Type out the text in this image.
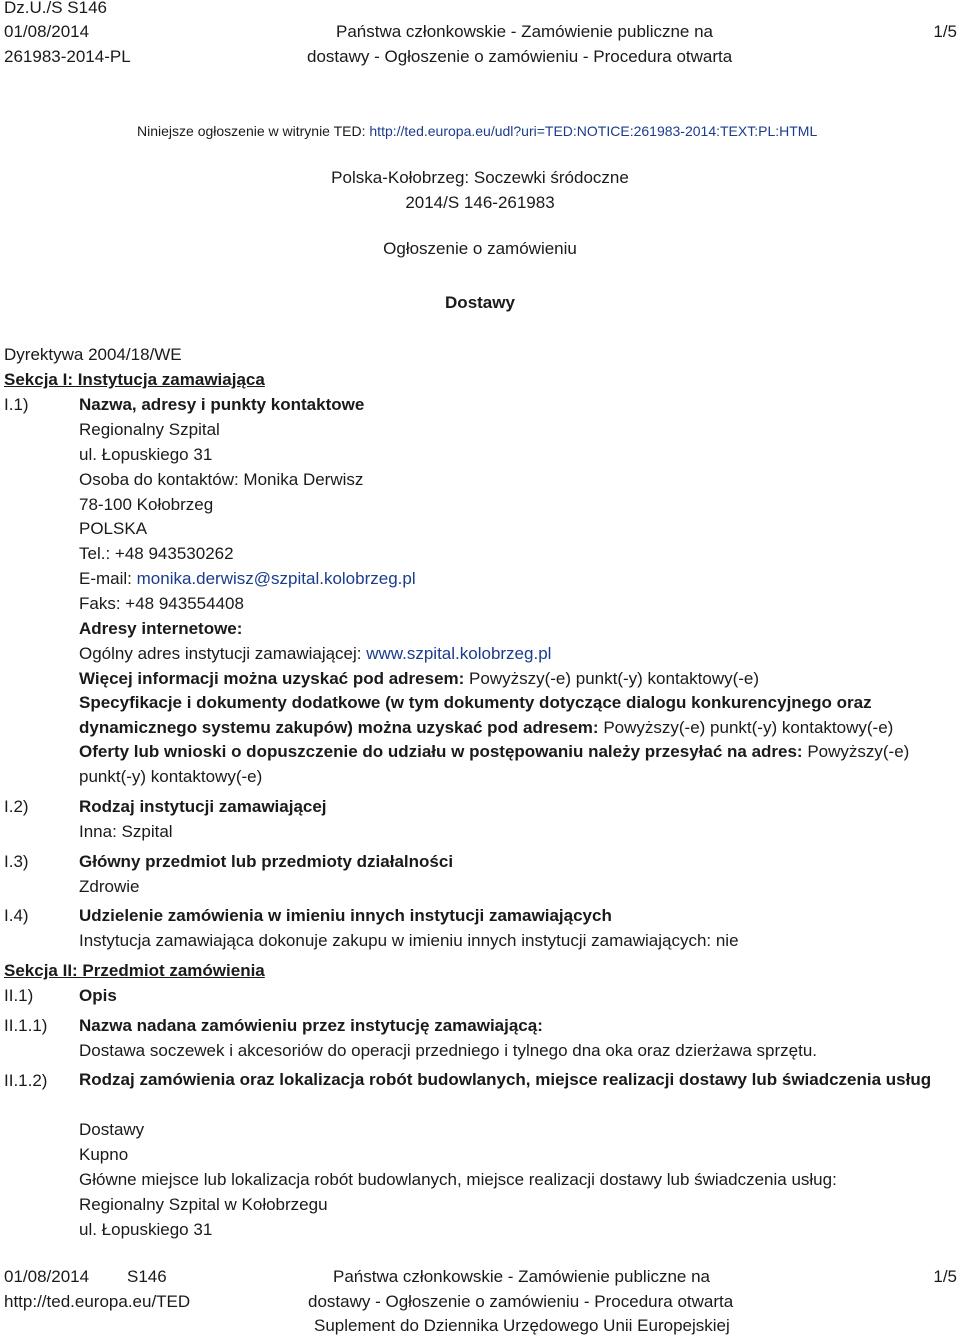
Dz.U./S S146
01/08/2014
261983-2014-PL
Państwa członkowskie - Zamówienie publiczne na
dostawy - Ogłoszenie o zamówieniu - Procedura otwarta
1/5
Niniejsze ogłoszenie w witrynie TED: http://ted.europa.eu/udl?uri=TED:NOTICE:261983-2014:TEXT:PL:HTML
Polska-Kołobrzeg: Soczewki śródoczne
2014/S 146-261983
Ogłoszenie o zamówieniu
Dostawy
Dyrektywa 2004/18/WE
Sekcja I: Instytucja zamawiająca
I.1)	Nazwa, adresy i punkty kontaktowe
Regionalny Szpital
ul. Łopuskiego 31
Osoba do kontaktów: Monika Derwisz
78-100 Kołobrzeg
POLSKA
Tel.: +48 943530262
E-mail: monika.derwisz@szpital.kolobrzeg.pl
Faks: +48 943554408
Adresy internetowe:
Ogólny adres instytucji zamawiającej: www.szpital.kolobrzeg.pl
Więcej informacji można uzyskać pod adresem: Powyższy(-e) punkt(-y) kontaktowy(-e)
Specyfikacje i dokumenty dodatkowe (w tym dokumenty dotyczące dialogu konkurencyjnego oraz dynamicznego systemu zakupów) można uzyskać pod adresem: Powyższy(-e) punkt(-y) kontaktowy(-e)
Oferty lub wnioski o dopuszczenie do udziału w postępowaniu należy przesyłać na adres: Powyższy(-e) punkt(-y) kontaktowy(-e)
I.2)	Rodzaj instytucji zamawiającej
Inna: Szpital
I.3)	Główny przedmiot lub przedmioty działalności
Zdrowie
I.4)	Udzielenie zamówienia w imieniu innych instytucji zamawiających
Instytucja zamawiająca dokonuje zakupu w imieniu innych instytucji zamawiających: nie
Sekcja II: Przedmiot zamówienia
II.1)	Opis
II.1.1) Nazwa nadana zamówieniu przez instytucję zamawiającą:
Dostawa soczewek i akcesoriów do operacji przedniego i tylnego dna oka oraz dzierżawa sprzętu.
II.1.2) Rodzaj zamówienia oraz lokalizacja robót budowlanych, miejsce realizacji dostawy lub świadczenia usług
Dostawy
Kupno
Główne miejsce lub lokalizacja robót budowlanych, miejsce realizacji dostawy lub świadczenia usług:
Regionalny Szpital w Kołobrzegu
ul. Łopuskiego 31
01/08/2014 S146
http://ted.europa.eu/TED
Państwa członkowskie - Zamówienie publiczne na
dostawy - Ogłoszenie o zamówieniu - Procedura otwarta
Suplement do Dziennika Urzędowego Unii Europejskiej
1/5
